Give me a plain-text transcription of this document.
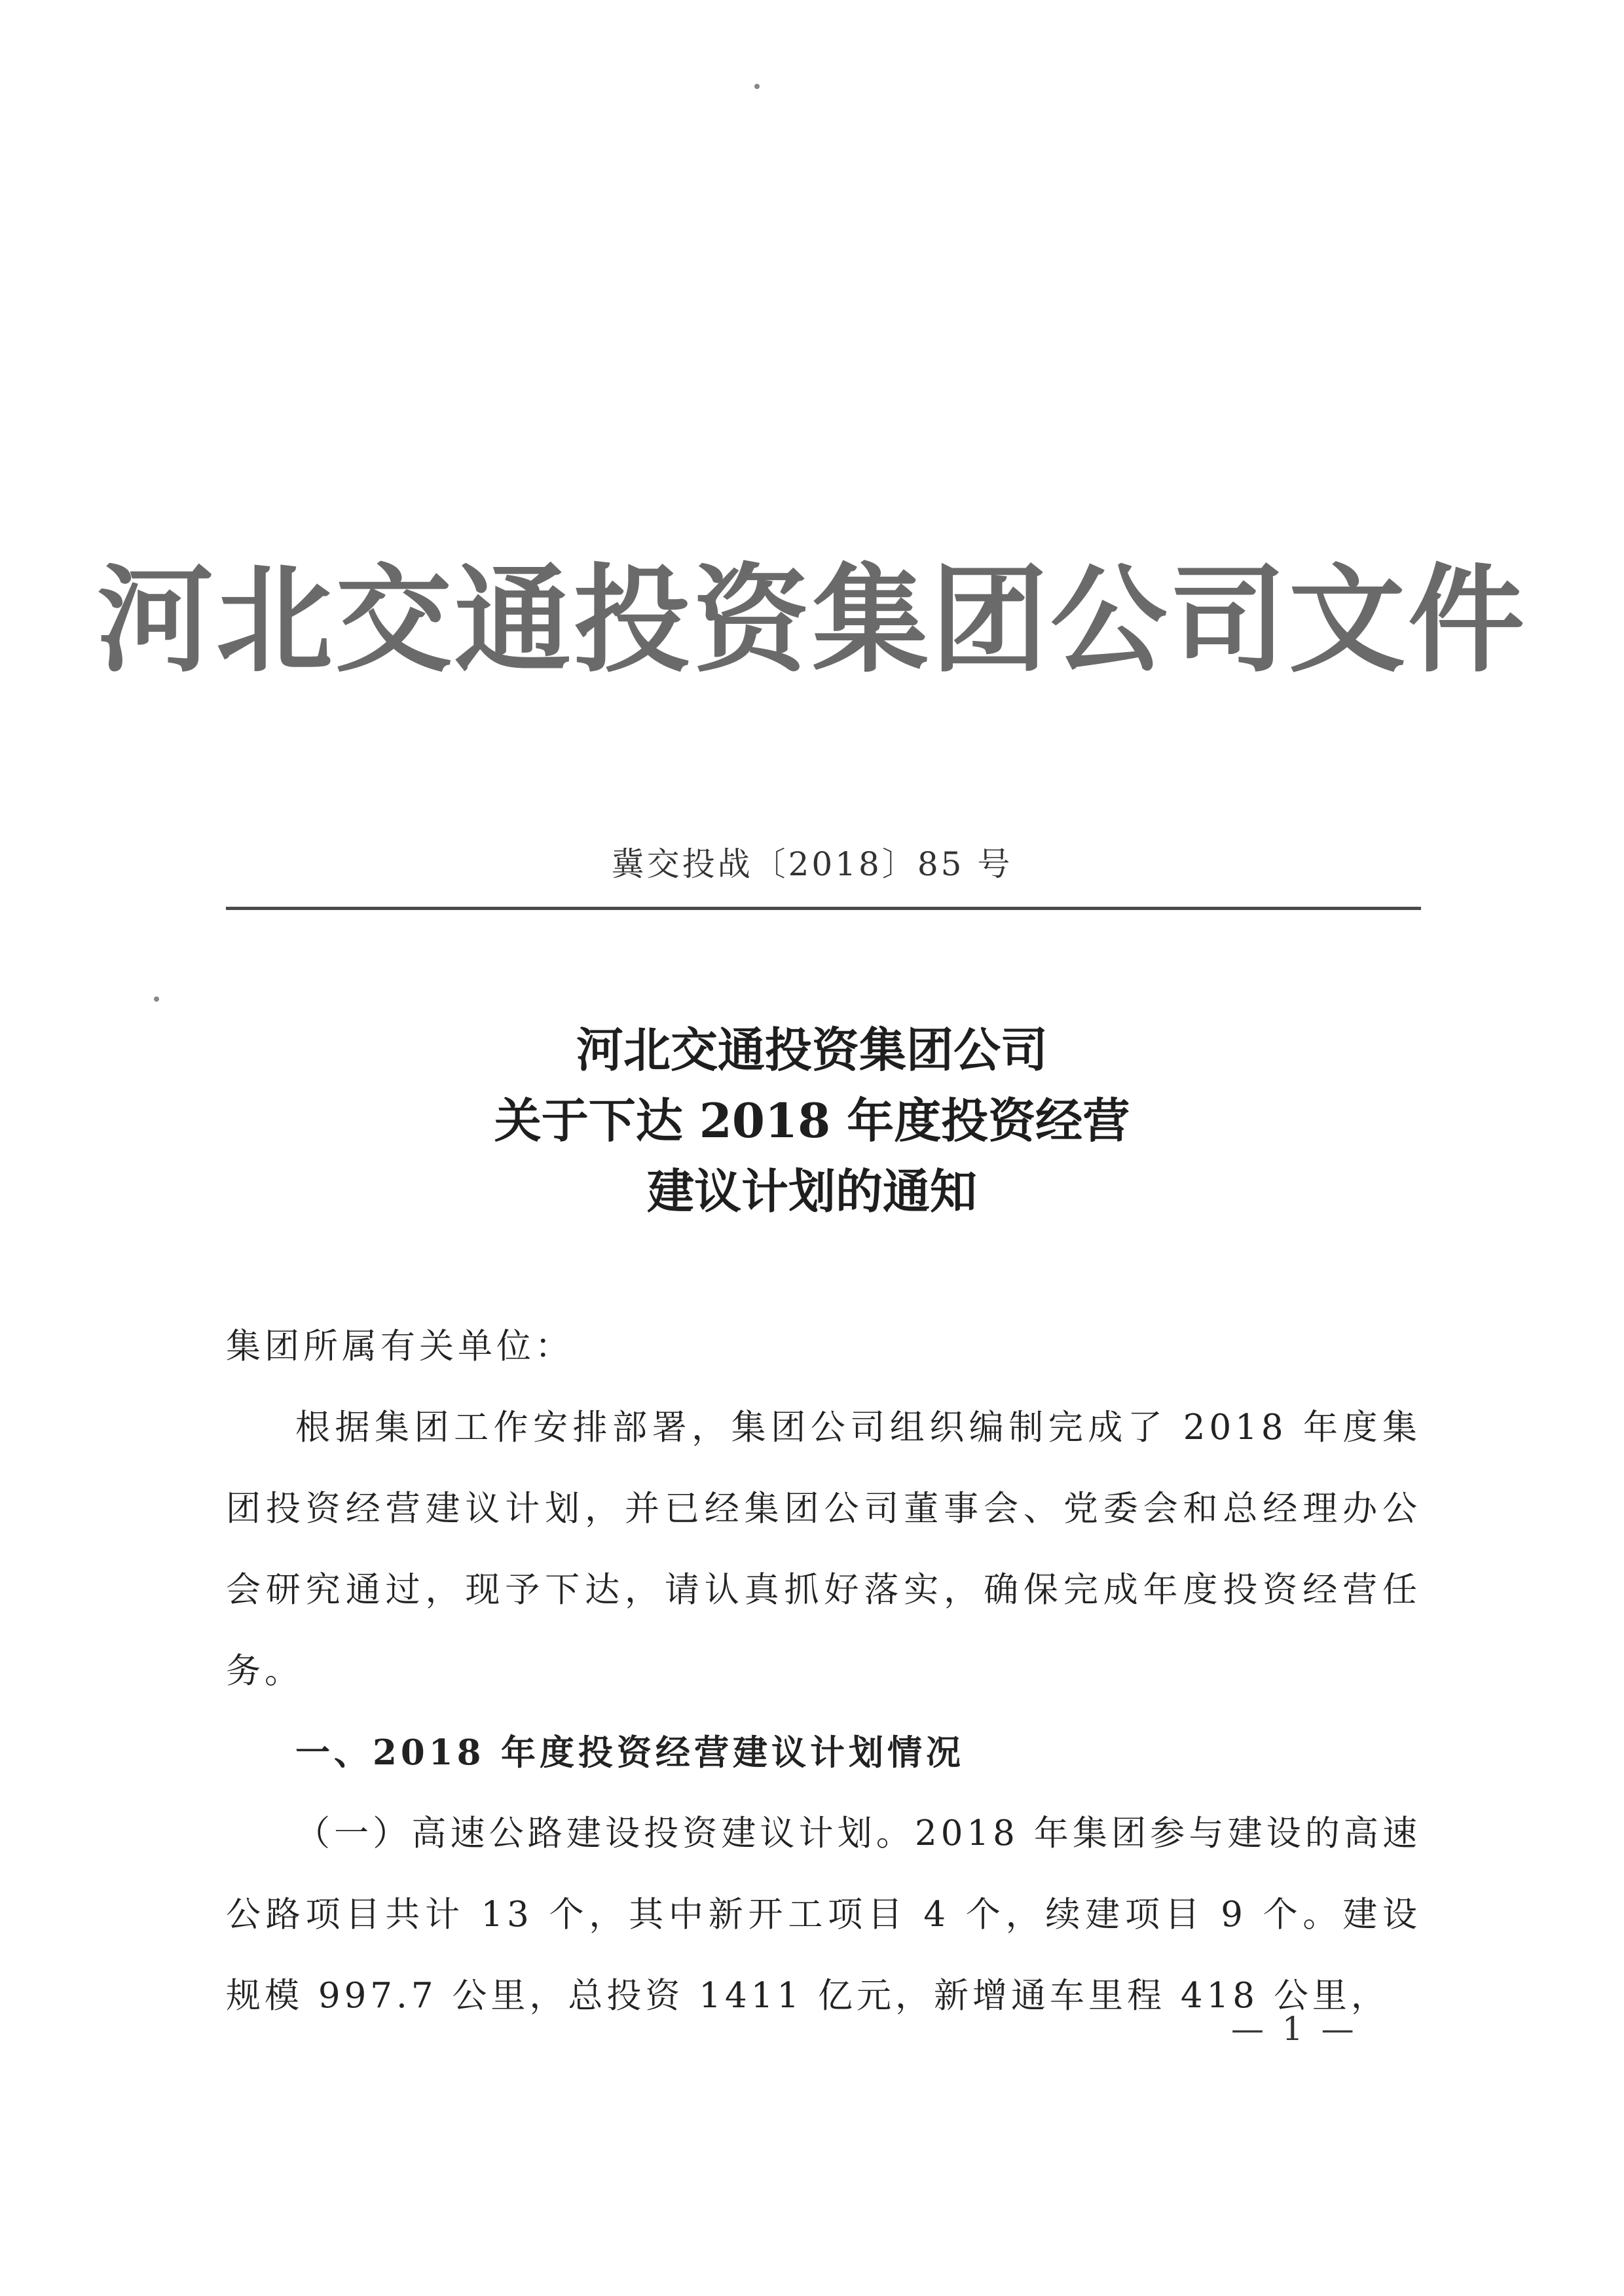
河北交通投资集团公司文件
冀交投战〔2018〕85 号
河北交通投资集团公司
关于下达 2018 年度投资经营
建议计划的通知

集团所属有关单位：

根据集团工作安排部署，集团公司组织编制完成了 2018 年度集团投资经营建议计划，并已经集团公司董事会、党委会和总经理办公会研究通过，现予下达，请认真抓好落实，确保完成年度投资经营任务。

一、2018 年度投资经营建议计划情况

（一）高速公路建设投资建议计划。2018 年集团参与建设的高速公路项目共计 13 个，其中新开工项目 4 个，续建项目 9 个。建设规模 997.7 公里，总投资 1411 亿元，新增通车里程 418 公里，

— 1 —
